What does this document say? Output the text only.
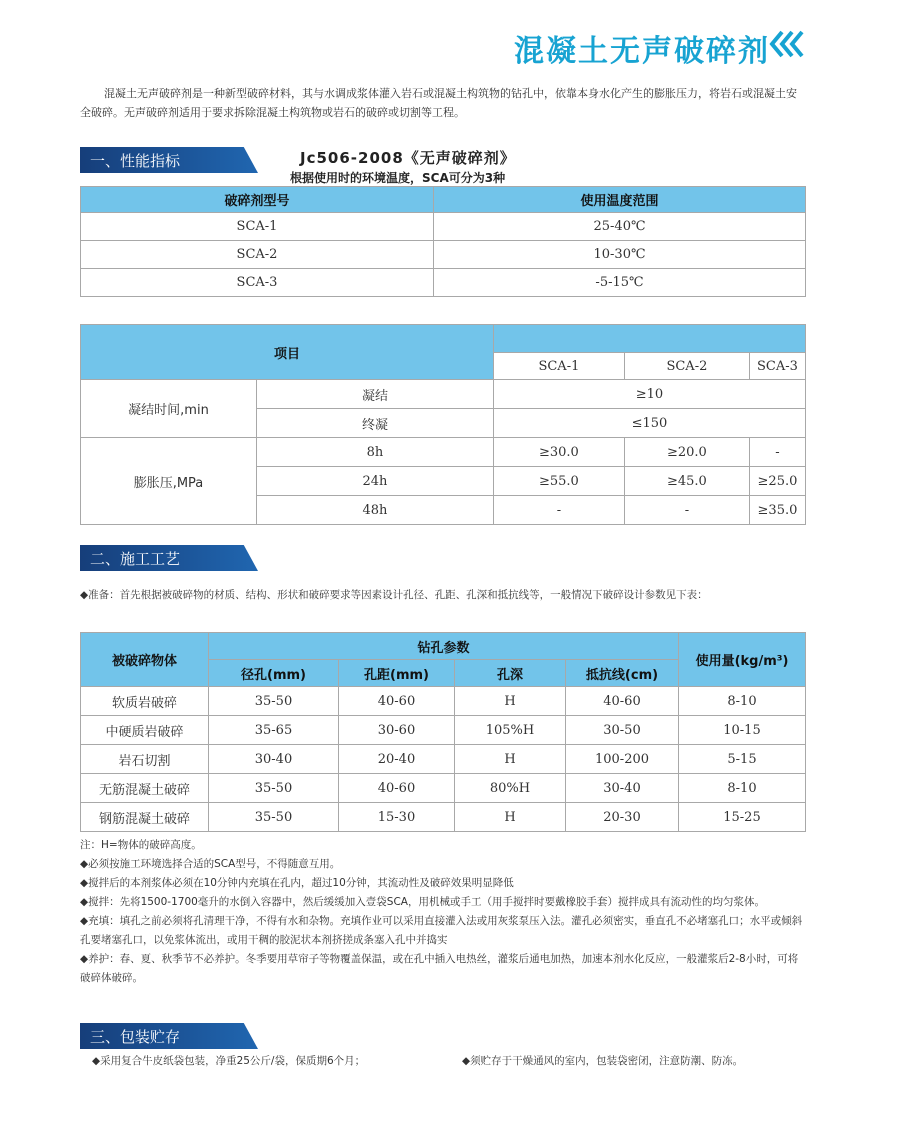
混凝土无声破碎剂
混凝土无声破碎剂是一种新型破碎材料，其与水调成浆体灌入岩石或混凝土构筑物的钻孔中，依靠本身水化产生的膨胀压力，将岩石或混凝土安全破碎。无声破碎剂适用于要求拆除混凝土构筑物或岩石的破碎或切割等工程。
一、性能指标	Jc506-2008《无声破碎剂》
根据使用时的环境温度，SCA可分为3种
破碎剂型号	使用温度范围
SCA-1	25-40℃
SCA-2	10-30℃
SCA-3	-5-15℃
项目				
		SCA-1	SCA-2	SCA-3
凝结时间,min	凝结	≥10		
	终凝	≤150		
膨胀压,MPa	8h	≥30.0	≥20.0	-
	24h	≥55.0	≥45.0	≥25.0
	48h	-	-	≥35.0
二、施工工艺
◆准备：首先根据被破碎物的材质、结构、形状和破碎要求等因素设计孔径、孔距、孔深和抵抗线等，一般情况下破碎设计参数见下表：
被破碎物体	钻孔参数				使用量(kg/m³)
	径孔(mm)	孔距(mm)	孔深	抵抗线(cm)	
软质岩破碎	35-50	40-60	H	40-60	8-10
中硬质岩破碎	35-65	30-60	105%H	30-50	10-15
岩石切割	30-40	20-40	H	100-200	5-15
无筋混凝土破碎	35-50	40-60	80%H	30-40	8-10
钢筋混凝土破碎	35-50	15-30	H	20-30	15-25

注：H=物体的破碎高度。

◆必须按施工环境选择合适的SCA型号，不得随意互用。

◆搅拌后的本剂浆体必须在10分钟内充填在孔内，超过10分钟，其流动性及破碎效果明显降低

◆搅拌：先将1500-1700毫升的水倒入容器中，然后缓缓加入壹袋SCA，用机械或手工（用手搅拌时要戴橡胶手套）搅拌成具有流动性的均匀浆体。

◆充填：填孔之前必须将孔清理干净，不得有水和杂物。充填作业可以采用直接灌入法或用灰浆泵压入法。灌孔必须密实，垂直孔不必堵塞孔口；水平或倾斜孔要堵塞孔口，以免浆体流出，或用干稠的胶泥状本剂挤搓成条塞入孔中并捣实

◆养护：春、夏、秋季节不必养护。冬季要用草帘子等物覆盖保温，或在孔中插入电热丝，灌浆后通电加热，加速本剂水化反应，一般灌浆后2-8小时，可将破碎体破碎。

三、包装贮存
◆采用复合牛皮纸袋包装，净重25公斤/袋，保质期6个月；	◆须贮存于干燥通风的室内，包装袋密闭，注意防潮、防冻。
